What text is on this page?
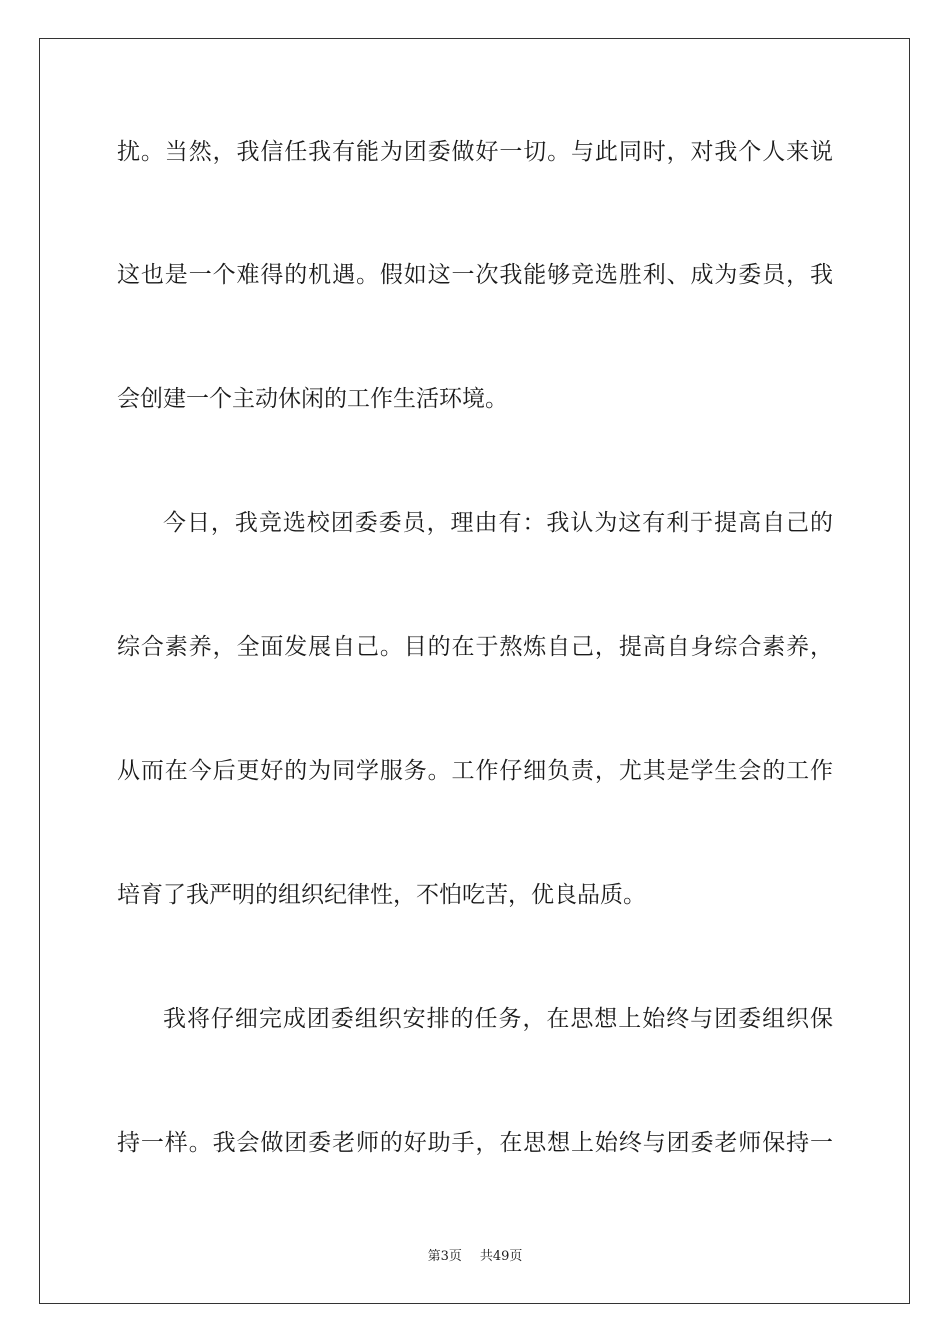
扰。当然，我信任我有能为团委做好一切。与此同时，对我个人来说
这也是一个难得的机遇。假如这一次我能够竞选胜利、成为委员，我
会创建一个主动休闲的工作生活环境。
今日，我竞选校团委委员，理由有：我认为这有利于提高自己的
综合素养，全面发展自己。目的在于熬炼自己，提高自身综合素养，
从而在今后更好的为同学服务。工作仔细负责，尤其是学生会的工作
培育了我严明的组织纪律性，不怕吃苦，优良品质。
我将仔细完成团委组织安排的任务，在思想上始终与团委组织保
持一样。我会做团委老师的好助手，在思想上始终与团委老师保持一
第3页 共49页
